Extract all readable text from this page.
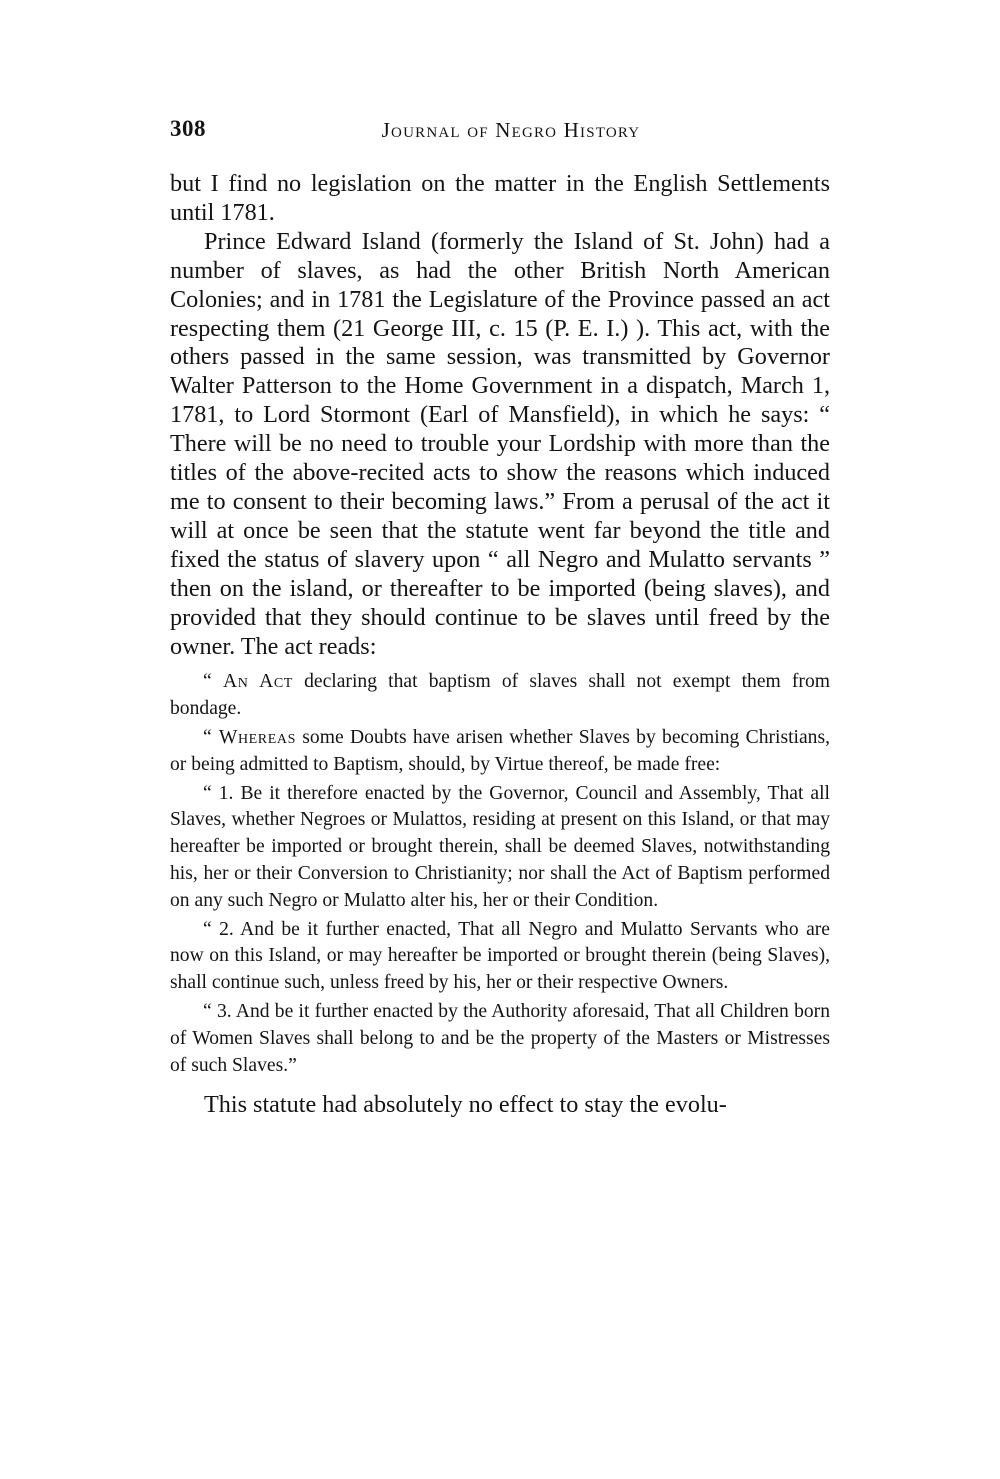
308	Journal of Negro History

but I find no legislation on the matter in the English Settlements until 1781.

Prince Edward Island (formerly the Island of St. John) had a number of slaves, as had the other British North American Colonies; and in 1781 the Legislature of the Province passed an act respecting them (21 George III, c. 15 (P. E. I.) ). This act, with the others passed in the same session, was transmitted by Governor Walter Patterson to the Home Government in a dispatch, March 1, 1781, to Lord Stormont (Earl of Mansfield), in which he says: “ There will be no need to trouble your Lordship with more than the titles of the above-recited acts to show the reasons which induced me to consent to their becoming laws.” From a perusal of the act it will at once be seen that the statute went far beyond the title and fixed the status of slavery upon “ all Negro and Mulatto servants ” then on the island, or thereafter to be imported (being slaves), and provided that they should continue to be slaves until freed by the owner. The act reads:

“ An Act declaring that baptism of slaves shall not exempt them from bondage.

“ Whereas some Doubts have arisen whether Slaves by becoming Christians, or being admitted to Baptism, should, by Virtue thereof, be made free:

“ 1. Be it therefore enacted by the Governor, Council and Assembly, That all Slaves, whether Negroes or Mulattos, residing at present on this Island, or that may hereafter be imported or brought therein, shall be deemed Slaves, notwithstanding his, her or their Conversion to Christianity; nor shall the Act of Baptism performed on any such Negro or Mulatto alter his, her or their Condition.

“ 2. And be it further enacted, That all Negro and Mulatto Servants who are now on this Island, or may hereafter be imported or brought therein (being Slaves), shall continue such, unless freed by his, her or their respective Owners.

“ 3. And be it further enacted by the Authority aforesaid, That all Children born of Women Slaves shall belong to and be the property of the Masters or Mistresses of such Slaves.”

This statute had absolutely no effect to stay the evolu-
